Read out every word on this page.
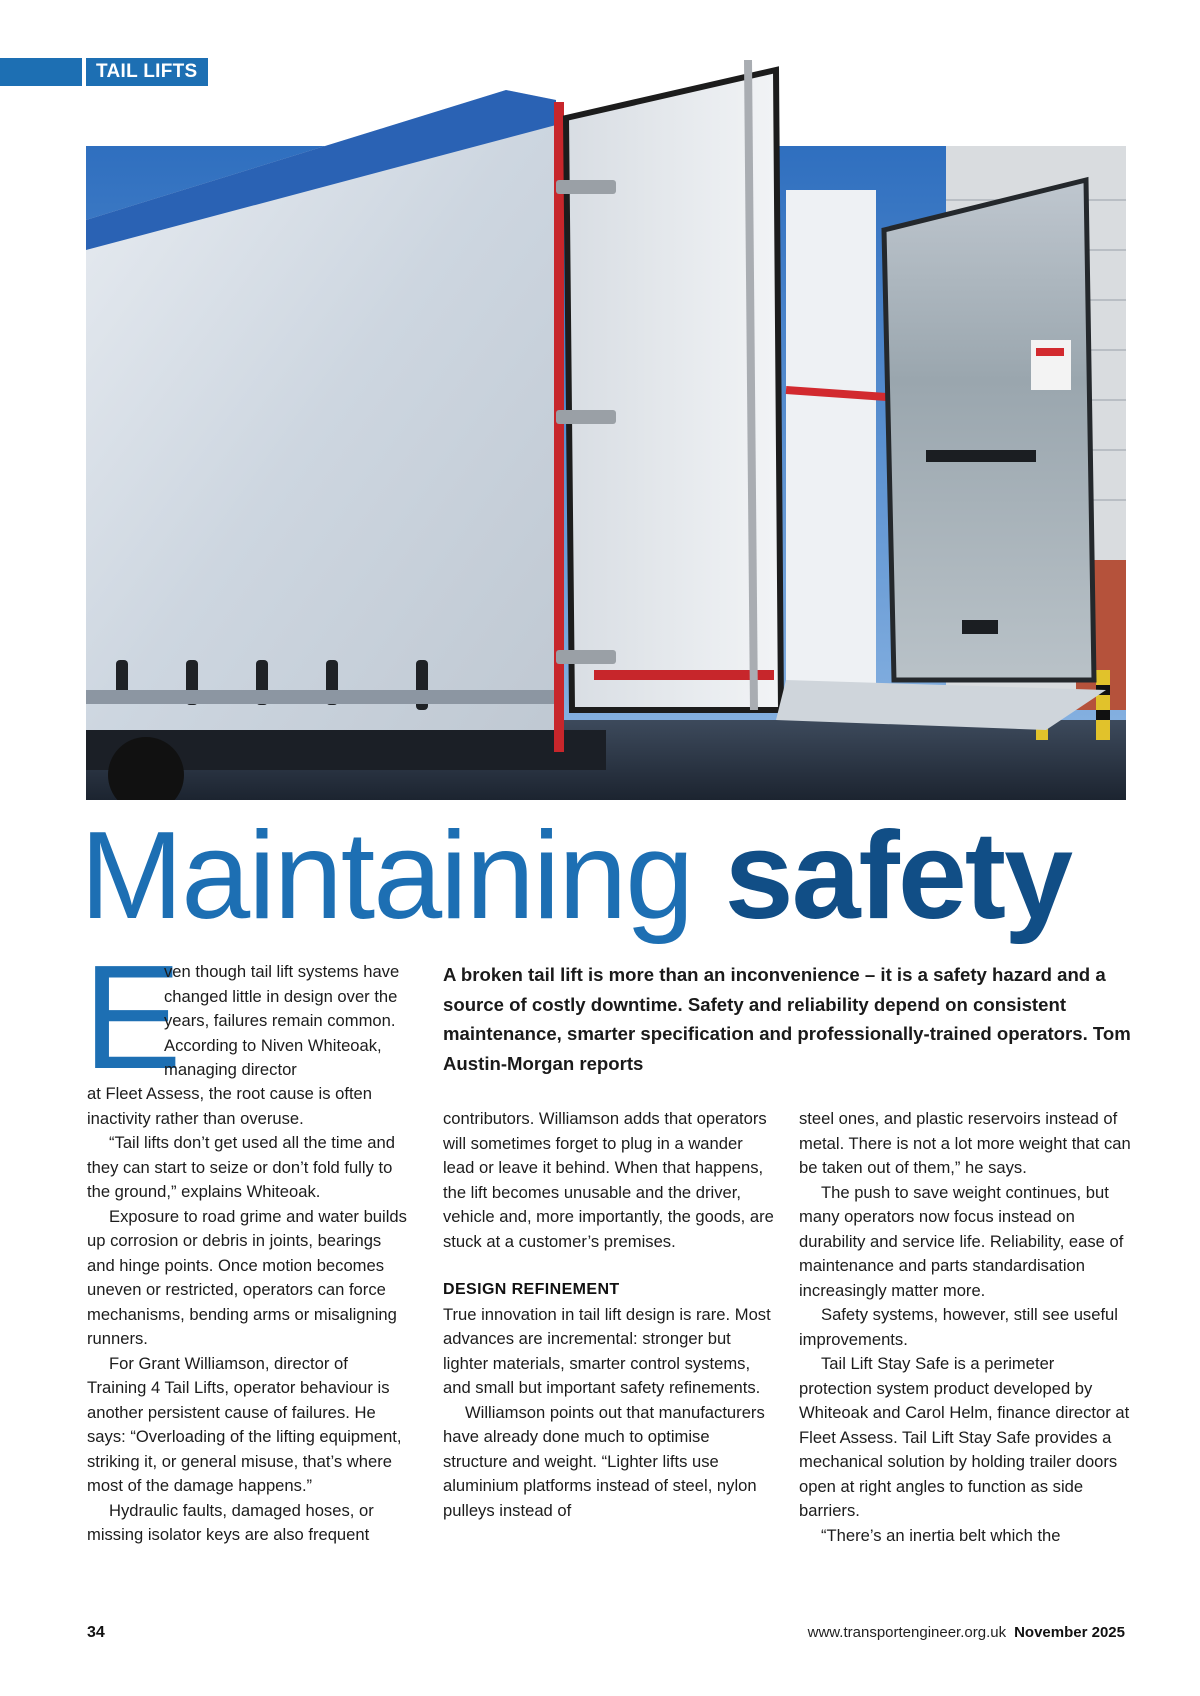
TAIL LIFTS
Maintaining safety

A broken tail lift is more than an inconvenience – it is a safety hazard and a source of costly downtime. Safety and reliability depend on consistent maintenance, smarter specification and professionally-trained operators. Tom Austin-Morgan reports

E
ven though tail lift systems have changed little in design over the years, failures remain common. According to Niven Whiteoak, managing director

at Fleet Assess, the root cause is often inactivity rather than overuse.

“Tail lifts don’t get used all the time and they can start to seize or don’t fold fully to the ground,” explains Whiteoak.

Exposure to road grime and water builds up corrosion or debris in joints, bearings and hinge points. Once motion becomes uneven or restricted, operators can force mechanisms, bending arms or misaligning runners.

For Grant Williamson, director of Training 4 Tail Lifts, operator behaviour is another persistent cause of failures. He says: “Overloading of the lifting equipment, striking it, or general misuse, that’s where most of the damage happens.”

Hydraulic faults, damaged hoses, or missing isolator keys are also frequent

contributors. Williamson adds that operators will sometimes forget to plug in a wander lead or leave it behind. When that happens, the lift becomes unusable and the driver, vehicle and, more importantly, the goods, are stuck at a customer’s premises.

DESIGN REFINEMENT

True innovation in tail lift design is rare. Most advances are incremental: stronger but lighter materials, smarter control systems, and small but important safety refinements.

Williamson points out that manufacturers have already done much to optimise structure and weight. “Lighter lifts use aluminium platforms instead of steel, nylon pulleys instead of

steel ones, and plastic reservoirs instead of metal. There is not a lot more weight that can be taken out of them,” he says.

The push to save weight continues, but many operators now focus instead on durability and service life. Reliability, ease of maintenance and parts standardisation increasingly matter more.

Safety systems, however, still see useful improvements.

Tail Lift Stay Safe is a perimeter protection system product developed by Whiteoak and Carol Helm, finance director at Fleet Assess. Tail Lift Stay Safe provides a mechanical solution by holding trailer doors open at right angles to function as side barriers.

“There’s an inertia belt which the

34	www.transportengineer.org.uk November 2025
